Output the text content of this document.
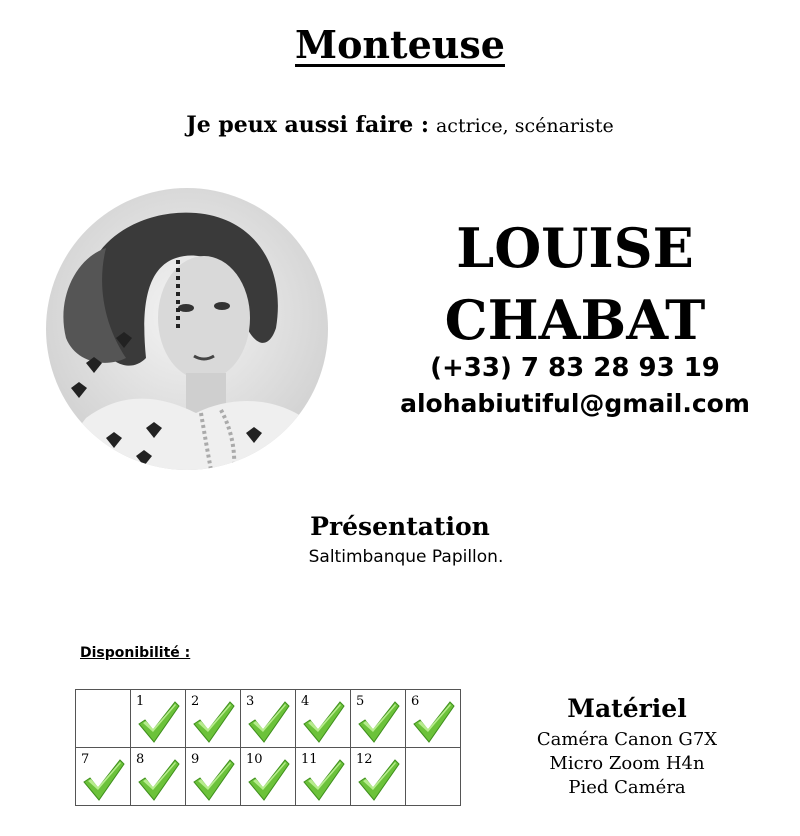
Monteuse
Je peux aussi faire : actrice, scénariste
LOUISE
CHABAT
(+33) 7 83 28 93 19
alohabiutiful@gmail.com
Présentation
Saltimbanque Papillon.
Disponibilité :

	1	2	3	4	5	6

7	8	9	10	11	12	

Matériel
Caméra Canon G7X
Micro Zoom H4n
Pied Caméra
